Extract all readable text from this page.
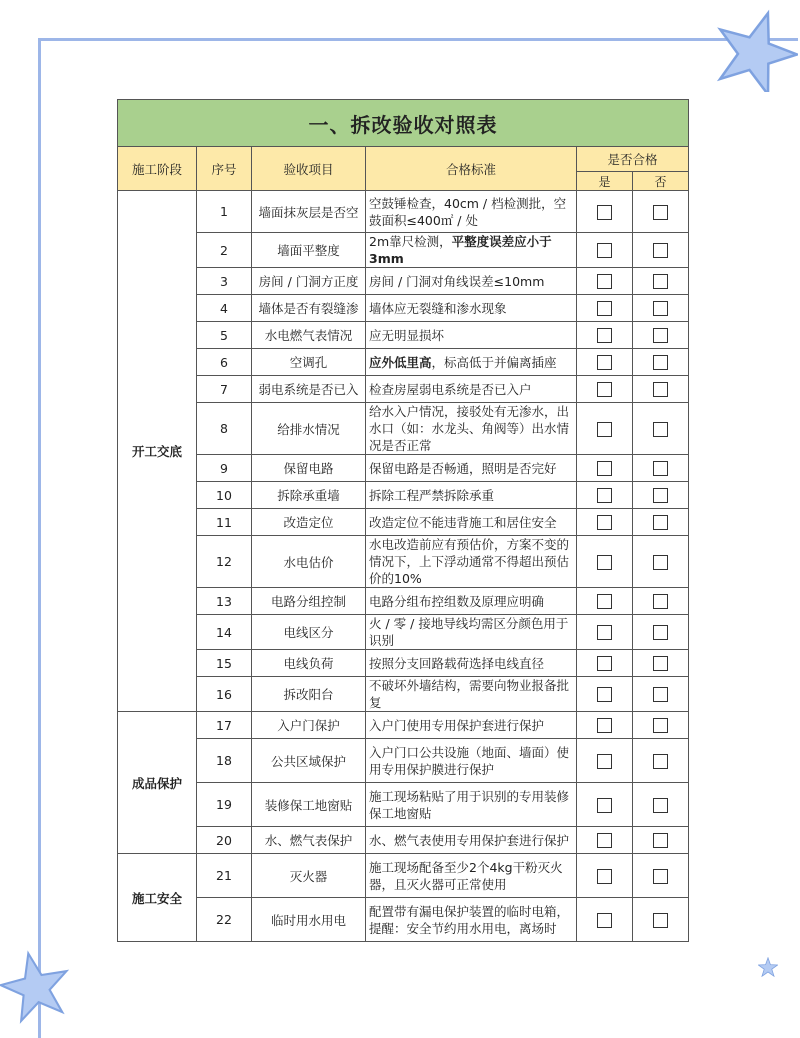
一、拆改验收对照表					
施工阶段	序号	验收项目	合格标准	是否合格	
				是	否
开工交底	1	墙面抹灰层是否空	空鼓锤检查，40cm / 档检测批，空鼓面积≤400㎡ / 处		
	2	墙面平整度	2m靠尺检测，平整度误差应小于3mm		
	3	房间 / 门洞方正度	房间 / 门洞对角线误差≤10mm		
	4	墙体是否有裂缝渗	墙体应无裂缝和渗水现象		
	5	水电燃气表情况	应无明显损坏		
	6	空调孔	应外低里高，标高低于并偏离插座		
	7	弱电系统是否已入	检查房屋弱电系统是否已入户		
	8	给排水情况	给水入户情况，接驳处有无渗水，出水口（如：水龙头、角阀等）出水情况是否正常		
	9	保留电路	保留电路是否畅通，照明是否完好		
	10	拆除承重墙	拆除工程严禁拆除承重		
	11	改造定位	改造定位不能违背施工和居住安全		
	12	水电估价	水电改造前应有预估价，方案不变的情况下，上下浮动通常不得超出预估价的10%		
	13	电路分组控制	电路分组布控组数及原理应明确		
	14	电线区分	火 / 零 / 接地导线均需区分颜色用于识别		
	15	电线负荷	按照分支回路载荷选择电线直径		
	16	拆改阳台	不破坏外墙结构，需要向物业报备批复		
成品保护	17	入户门保护	入户门使用专用保护套进行保护		
	18	公共区域保护	入户门口公共设施（地面、墙面）使用专用保护膜进行保护		
	19	装修保工地窗贴	施工现场粘贴了用于识别的专用装修保工地窗贴		
	20	水、燃气表保护	水、燃气表使用专用保护套进行保护		
施工安全	21	灭火器	施工现场配备至少2个4kg干粉灭火器，且灭火器可正常使用		
	22	临时用水用电	配置带有漏电保护装置的临时电箱，提醒：安全节约用水用电，离场时		
